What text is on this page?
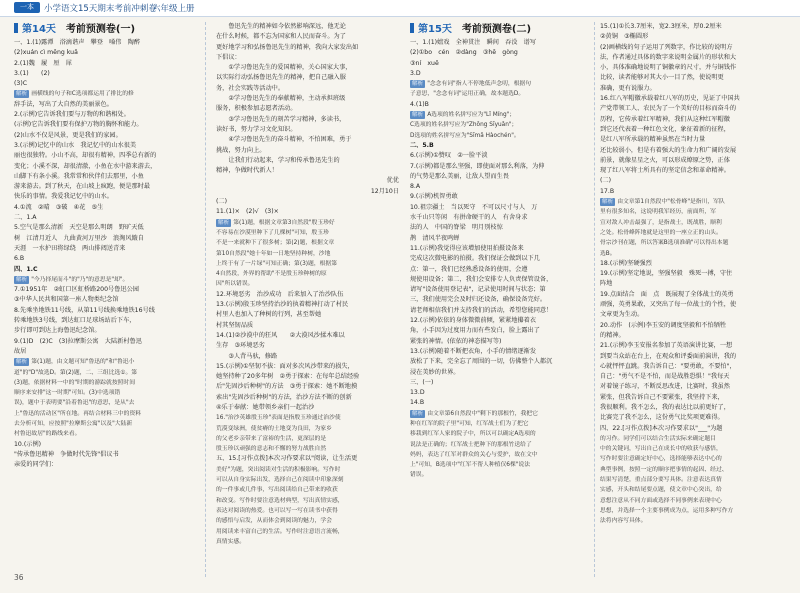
一本	小学语文15天期末考前冲刺卷
六年级上册
第14天　 考前预测卷(一)
一、1.(1)露潭　浴滴谐声　攀登　嗓伟　陶醉
(2)xuán cì mēng kuǎ
2.(1)魏　履　厘　犀
3.(1)　　(2)
(3)C
解析 画横线的句子和C选项都运用了排比的修
辞手法，写出了大自然的美丽景色。
2.(示例)它告诉我们要与万物的和谐相处。
(示例)它告诉我们要有保护万物的胸怀和能力。
(2)山水不仅是风景，更是我们的家园。
3.(示例)记忆中的山水　我记忆中的山水很美
丽也很独特。小山不高，却很有精神，四季总有新的
变化；小溪不深，却很清澈，小鱼在水中游来游去，
山脚下有条小溪。我常常和伙伴们去那里，小鱼
游来游去。到了秋天，在山坡上疯跑，便是那时最
快乐的事情。我爱我记忆中的山水。
4.①流　②晴　③破　④花　⑤生
二、1.A
5.空气是那么清新　天空是那么明朗　野旷天低
树　江清月近人　九曲黄河万里沙　浪淘风簸自
天涯　一水护田将绿绕　两山排闼送青来
6.B
四、1.C
解析 "今乃择尾而斗"的"乃"的意思是"却"。
7.①1951年　②虹口区虹桥路200号鲁迅公园
③中华人民共和国第一座人物类纪念馆
8.先乘坐地铁11号线，从第11号线换乘地铁16号线
转乘地铁3号线，到达虹口足球场站后下车，
步行即可到达上海鲁迅纪念馆。
9.(1)D　(2)C　(3)拉摩斯公寓　大陆新村鲁迅
故居
解析 第(1)题，由文题可知"鲁迅的"和"鲁迅小
道"的"D"故选D。第(2)题，二、三组比选①。第
(3)题，依据材料一中的"时期的游踪就按照时间
顺序来安排"这一时期"可知。(3)中选项错
误)，题中于表明要"沿着鲁迅"的意思，是从"去
上"鲁迅的活动区"所在地。再结合材料三中的资料
去分析可知，应按照"拉摩斯公寓"以及"大陆新
村鲁迅故居"的路线来看。
10.(示例)
"传承鲁迅精神　争做时代先锋"倡议书
亲爱的同学们：
　　鲁迅先生的精神如今依然影响深远，他无论
在什么时候，都不忘为国家和人民而奋斗。为了
更好地学习和弘扬鲁迅先生的精神，我向大家发出如
下倡议：
　　①学习鲁迅先生的爱国精神，关心国家大事，
以实际行动弘扬鲁迅先生的精神，把自己融入服
务，社会实践等活动中。
　　②学习鲁迅先生的奉献精神，主动承担班级
服务，积极参加志愿者活动。
　　③学习鲁迅先生的刻苦学习精神，多读书，
读好书，努力学习文化知识。
　　④学习鲁迅先生的奋斗精神，不怕困难，勇于
挑战，努力向上。
　　让我们行动起来，学习和传承鲁迅先生的
精神，争做时代新人！
优优
12月10日
(二)
11.(1)×　(2)√　(3)×
解析 第(1)题，根据文章第3自然段"殷玉珍好
不容易在沙漠里种下了几棵树"可知，殷玉珍
不是一来就种下了很多树；第(2)题，根据文章
第10自然段"她十年如一日地坚持种树，沙地
上终于有了一片绿"可知正确；第(3)题，根据第
4自然段，外界的帮助"不是殷玉珍种树的原
因"所以错误。
12.环境恶劣　治沙成功　后来加入了治沙队伍
13.(示例)殷玉珍坚持治沙的执着精神打动了村民
村里人也加入了种树的行列，甚至帮她
村其坚韧品质
14.(1)②沙漠中的狂风　　②大漠风沙揉木难以
生存　③环境恶劣
　　③人背马驮，修路
15.(示例)①坚韧不拔：面对多次风沙带来的损失，
她坚持种了20多年树　②勇于探索：在每年总结经验
后"先固沙后种树"的方法　③勇于探索：她不断地摸
索出"先固沙后种树"的方法，治沙方法不断的创新
④乐于奉献：她带领乡亲们一起治沙
16."治沙英雄殷玉珍"表面是指殷玉珍通过治沙使
荒漠变绿洲，使贫瘠的土地变为良田，为家乡
的父老乡亲带来了富裕的生活，更深层的是
殷玉珍以顽强的意志和不懈的努力战胜自然
五、15.[习作点拨]本次习作要求以"阅读，让生活更
美好"为题，突出阅读对生活的积极影响。写作时
可以从自身实际出发，选择自己在阅读中印象深刻
的一件事或几件事，写出阅读给自己带来的收获
和改变。写作时要注意选材典型，写出真情实感，
表达对阅读的热爱。也可以写一写在读书中获得
的感悟与启发，从而体会到阅读的魅力，学会
用阅读来丰富自己的生活。写作时注意语言流畅，
真情实感。
第15天　 考前预测卷(二)
一、1.(1)嬉戏　全神贯注　瞬间　吞没　谱写
(2)①bo　cén　②dàng　③hē　gòng
③ní　xuē
3.D
解析 "念念有词"指人不停地低声念叨，根据句
子意思，"念念有词"运用正确，故本题选D。
4.(1)B
解析 A选项的姓名拼写应为"Lǐ Míng"；
C选项的姓名拼写应为"Zhōng Sīyuǎn"；
D选项的姓名拼写应为"Sīmǎ Hàochén"。
二、5.B
6.(示例)①赞叹　②一脸平淡
7.(示例)都是那么坚强，即使面对那么利落，为伸
的气势是那么美丽，让敌人望而生畏
8.A
9.(示例)机智勇敢
10.祖宗疆土　当以死守　不可以尺寸与人　万
水千山只等闲　有拼命硬干的人　有舍身求
法的人　中国的脊梁　明月别枝惊
鹊　清风半夜鸣蝉
11.(示例)我觉得应该增加使用拍摄设备来
完成这次微电影的拍摄。我们保证会做到以下几
点：第一，我们已经熟悉设备的使用，会遵
规使用设备；第二，我们会安排专人负责保管设备，
请写"设备使用登记表"，记录使用时间与状态；第
三，我们使用完会及时归还设备，确保设备完好。
请老师相信我们并支持我们的活动，希望您能同意！
12.(示例)依依的身体微微前倾，紧紧地攥着衣
角，小手因为过度用力而有些发白，脸上露出了
紧张的神情。(依依的神态描写等)
13.(示例)随着不断把衣角，小手的情绪逐渐发
放松了下来，完全忘了周围的一切，仿佛整个人都沉
浸在美妙的世界。
三、(一)
13.D
14.B
解析 由文章第6自然段中"剩下的那根竹，我把它
种在红军的院子里"可知，红军战士们为了把它
移栽到红军人家的院子中，所以可以确定A选项的
说法是正确的；红军战士把种下的那根竹送给了
妈妈，表达了红军对群众的关心与爱护，故在文中
上"可知，B选项中"红军不帮人种植仅6棵"说法
错误。
15.(1)①长3.7厘米，宽2.3厘米，厚0.2厘米
②黄铜　③椭圆形
(2)画横线的句子运用了列数字，作比较的说明方
法，作者通过具体的数字来说明金属片的形状和大
小，具体准确地说明了铜徽章的尺寸，并与铜钱作
比较，读者能够对其大小一目了然，使说明更
准确，更有说服力。
16.红八军帽徽承载着红八军的历史，见证了中国共
产党带领工人、农民为了一个美好的目标而奋斗的
历程，它传承着红军精神，我们从这种红军帽徽
到它还代表着一种红色文化，象征着新的征程，
是红八军所承载的精神虽然在当时力量
还比较弱小，但是有着强大的生命力和广阔的发展
前景，就像星星之火，可以形成燎原之势，正体
现了红八军将士所具有的坚定信念和革命精神。
(二)
17.B
解析 由文章第1自然段中"松骨峰"是指川，军队
里有很多知名，这说明我军经历，前面所，军
宣对敌人冲击最强了，是指战士，既战胜，顺利
之处。松骨峰阵地就是这里的一座立正的山头。
骨宗沙刊在题，所以答案B选项准确"可以得出本题
选B。
18.(示例)坚硬强烈
19.(示例)坚定地说，坚强坚毅　殊死一搏，守住
阵地
19.点面结合　面　点　既展现了全体战士的英勇
顽强，英勇果敢，又突出了每一位战士的个性，使
文章更为生动。
20.动作　(示例)李玉安的调度坚毅和不怕牺牲
的精神。
21.(示例)李玉安报名参加了英语演讲比赛，一想
到要当众站在台上，在观众和评委面前演讲，我的
心就怦怦直跳。我告诉自己："要勇敢，不要怕"，
自己："勇气不是不怕，而是战胜恐惧！"我每天
对着镜子练习，不断反思改进，比赛时，我虽然
紧张，但我告诉自己不要紧张，我坚持下来，
我很顺利。我不怎么，我的表达比以前更好了，
比赛完了我不怎么，这份勇气比奖项更难得。
四、22.[习作点拨]本次习作要求以"___"为题
的习作。同学们可以结合生活实际来确定题目
中的关键词，写出自己在成长中的收获与感悟，
写作时要注意确定好中心，选择能够表达中心的
典型事例，按照一定的顺序把事情的起因、经过、
结果写清楚，重点部分要写具体。注意表达真情
实感，开头和结尾要点题，使文章中心突出，给
意想注意从不同方面或选择不同事例来表现中心
思想，并选择一个主要事例成为点，运用多种写作方
法将内容写具体。
36
